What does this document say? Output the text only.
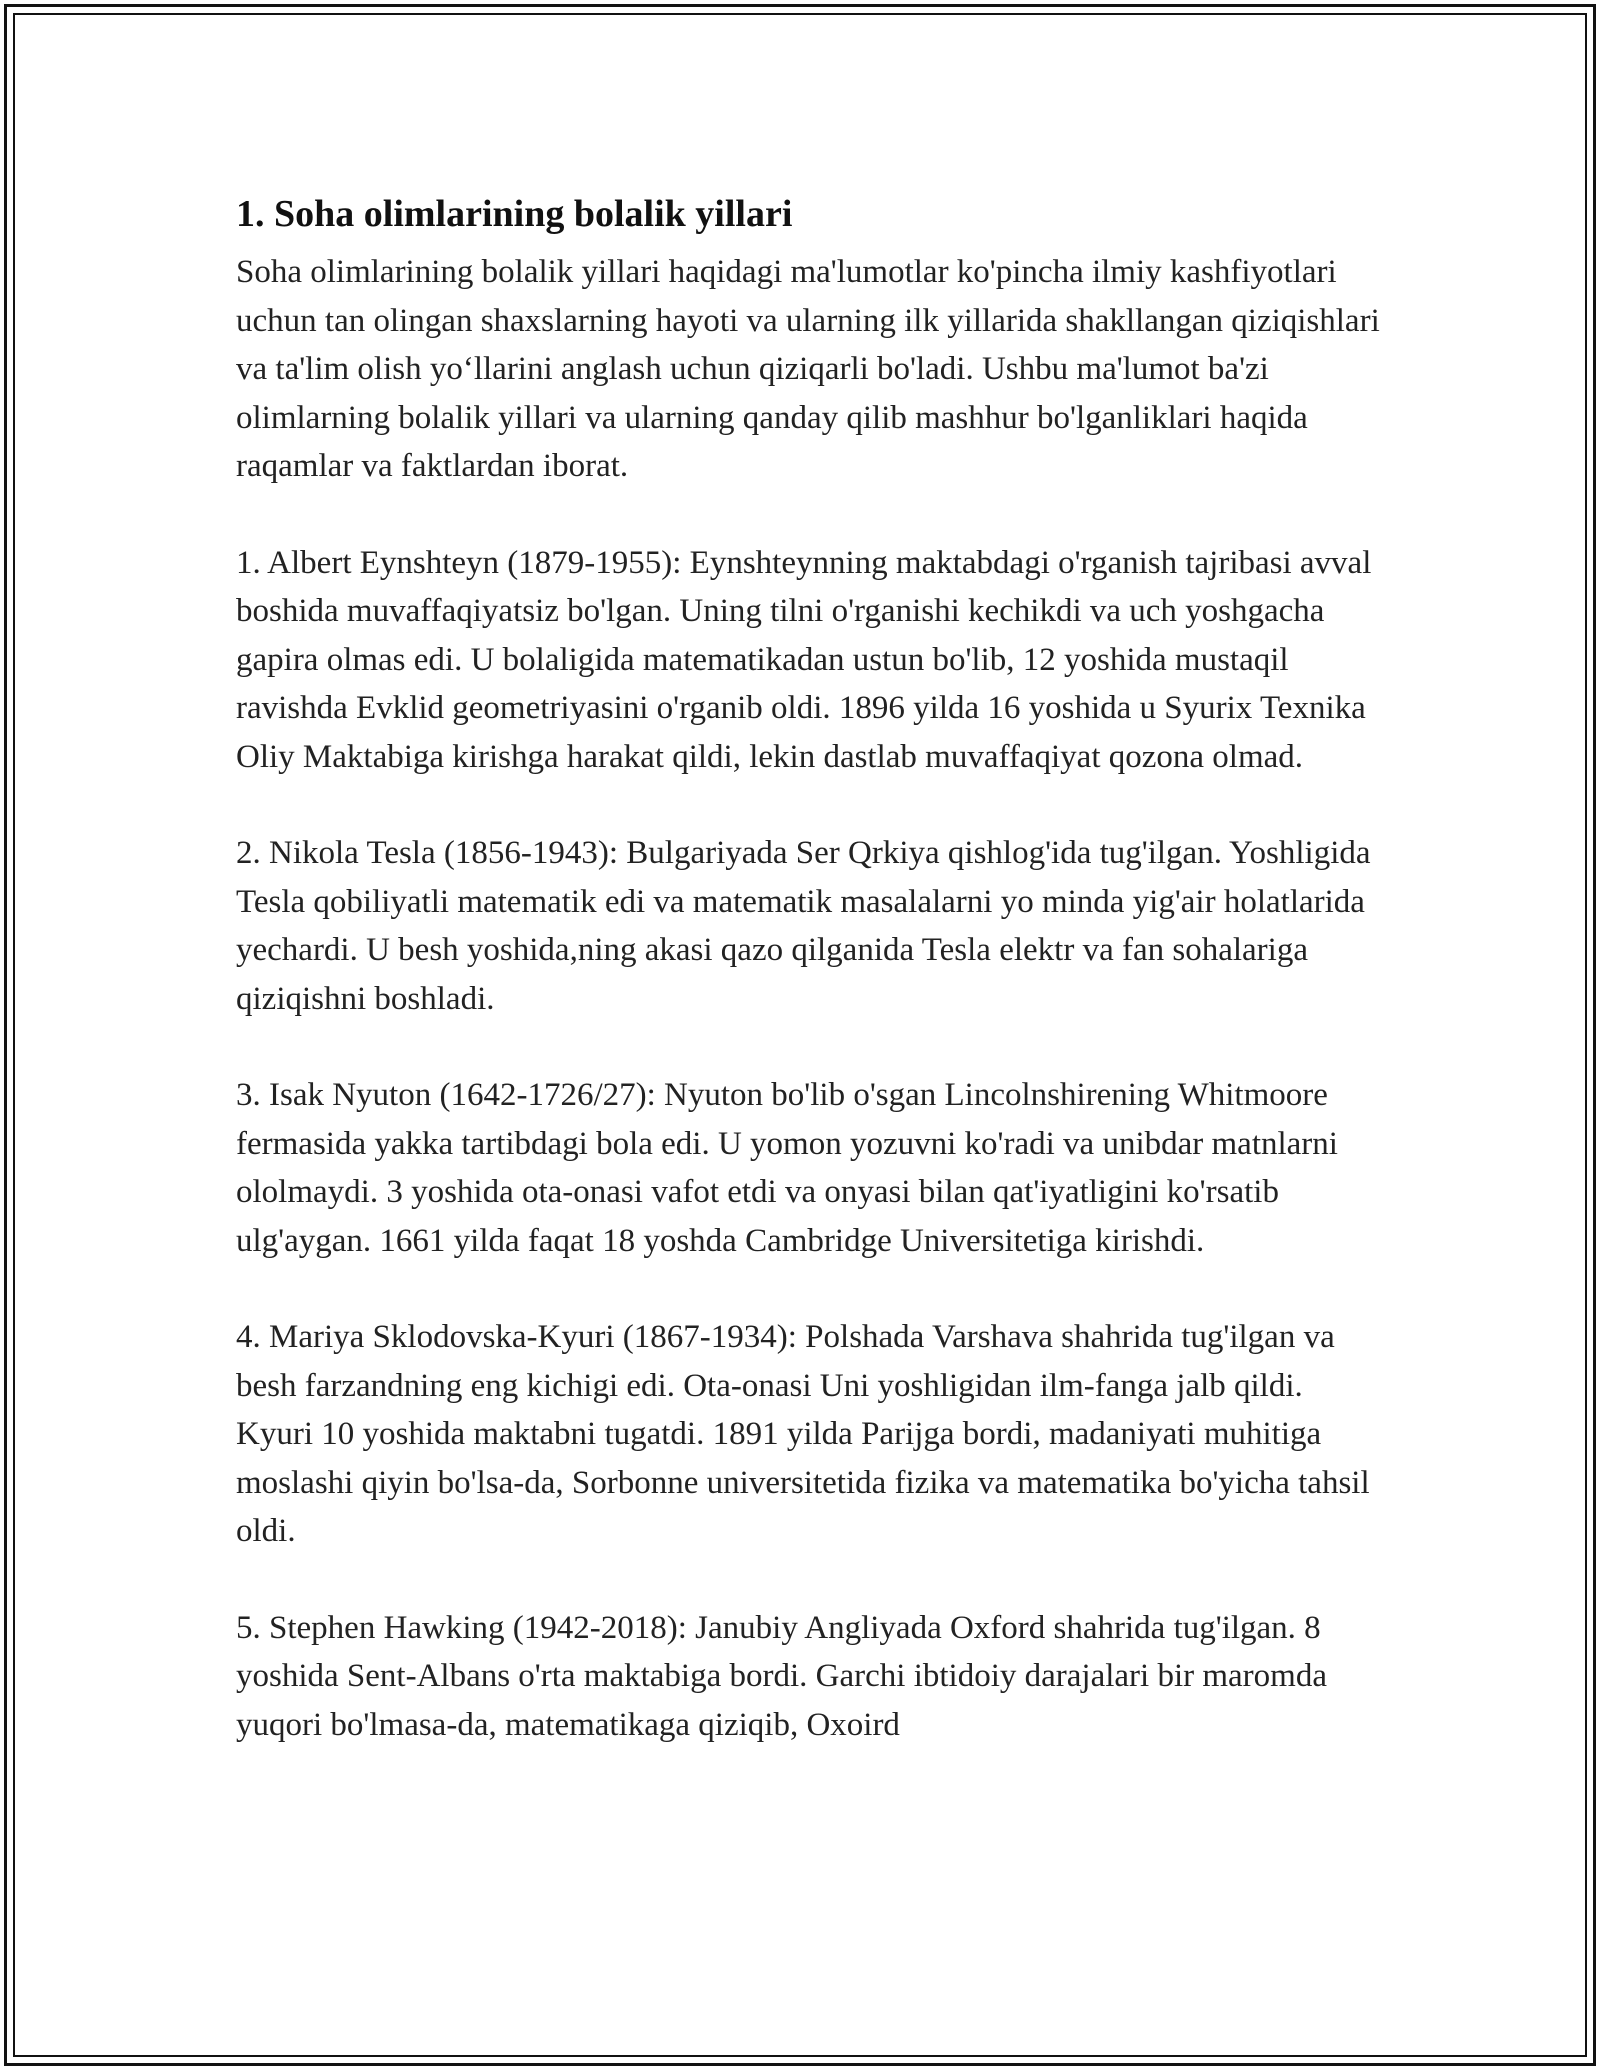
1. Soha olimlarining bolalik yillari

Soha olimlarining bolalik yillari haqidagi ma'lumotlar ko'pincha ilmiy kashfiyotlari uchun tan olingan shaxslarning hayoti va ularning ilk yillarida shakllangan qiziqishlari va ta'lim olish yo‘llarini anglash uchun qiziqarli bo'ladi. Ushbu ma'lumot ba'zi olimlarning bolalik yillari va ularning qanday qilib mashhur bo'lganliklari haqida raqamlar va faktlardan iborat.

1. Albert Eynshteyn (1879-1955): Eynshteynning maktabdagi o'rganish tajribasi avval boshida muvaffaqiyatsiz bo'lgan. Uning tilni o'rganishi kechikdi va uch yoshgacha gapira olmas edi. U bolaligida matematikadan ustun bo'lib, 12 yoshida mustaqil ravishda Evklid geometriyasini o'rganib oldi. 1896 yilda 16 yoshida u Syurix Texnika Oliy Maktabiga kirishga harakat qildi, lekin dastlab muvaffaqiyat qozona olmad.

2. Nikola Tesla (1856-1943): Bulgariyada Ser Qrkiya qishlog'ida tug'ilgan. Yoshligida Tesla qobiliyatli matematik edi va matematik masalalarni yo minda yig'air holatlarida yechardi. U besh yoshida,ning akasi qazo qilganida Tesla elektr va fan sohalariga qiziqishni boshladi.

3. Isak Nyuton (1642-1726/27): Nyuton bo'lib o'sgan Lincolnshirening Whitmoore fermasida yakka tartibdagi bola edi. U yomon yozuvni ko'radi va unibdar matnlarni ololmaydi. 3 yoshida ota-onasi vafot etdi va onyasi bilan qat'iyatligini ko'rsatib ulg'aygan. 1661 yilda faqat 18 yoshda Cambridge Universitetiga kirishdi.

4. Mariya Sklodovska-Kyuri (1867-1934): Polshada Varshava shahrida tug'ilgan va besh farzandning eng kichigi edi. Ota-onasi Uni yoshligidan ilm-fanga jalb qildi. Kyuri 10 yoshida maktabni tugatdi. 1891 yilda Parijga bordi, madaniyati muhitiga moslashi qiyin bo'lsa-da, Sorbonne universitetida fizika va matematika bo'yicha tahsil oldi.

5. Stephen Hawking (1942-2018): Janubiy Angliyada Oxford shahrida tug'ilgan. 8 yoshida Sent-Albans o'rta maktabiga bordi. Garchi ibtidoiy darajalari bir maromda yuqori bo'lmasa-da, matematikaga qiziqib, Oxoird
